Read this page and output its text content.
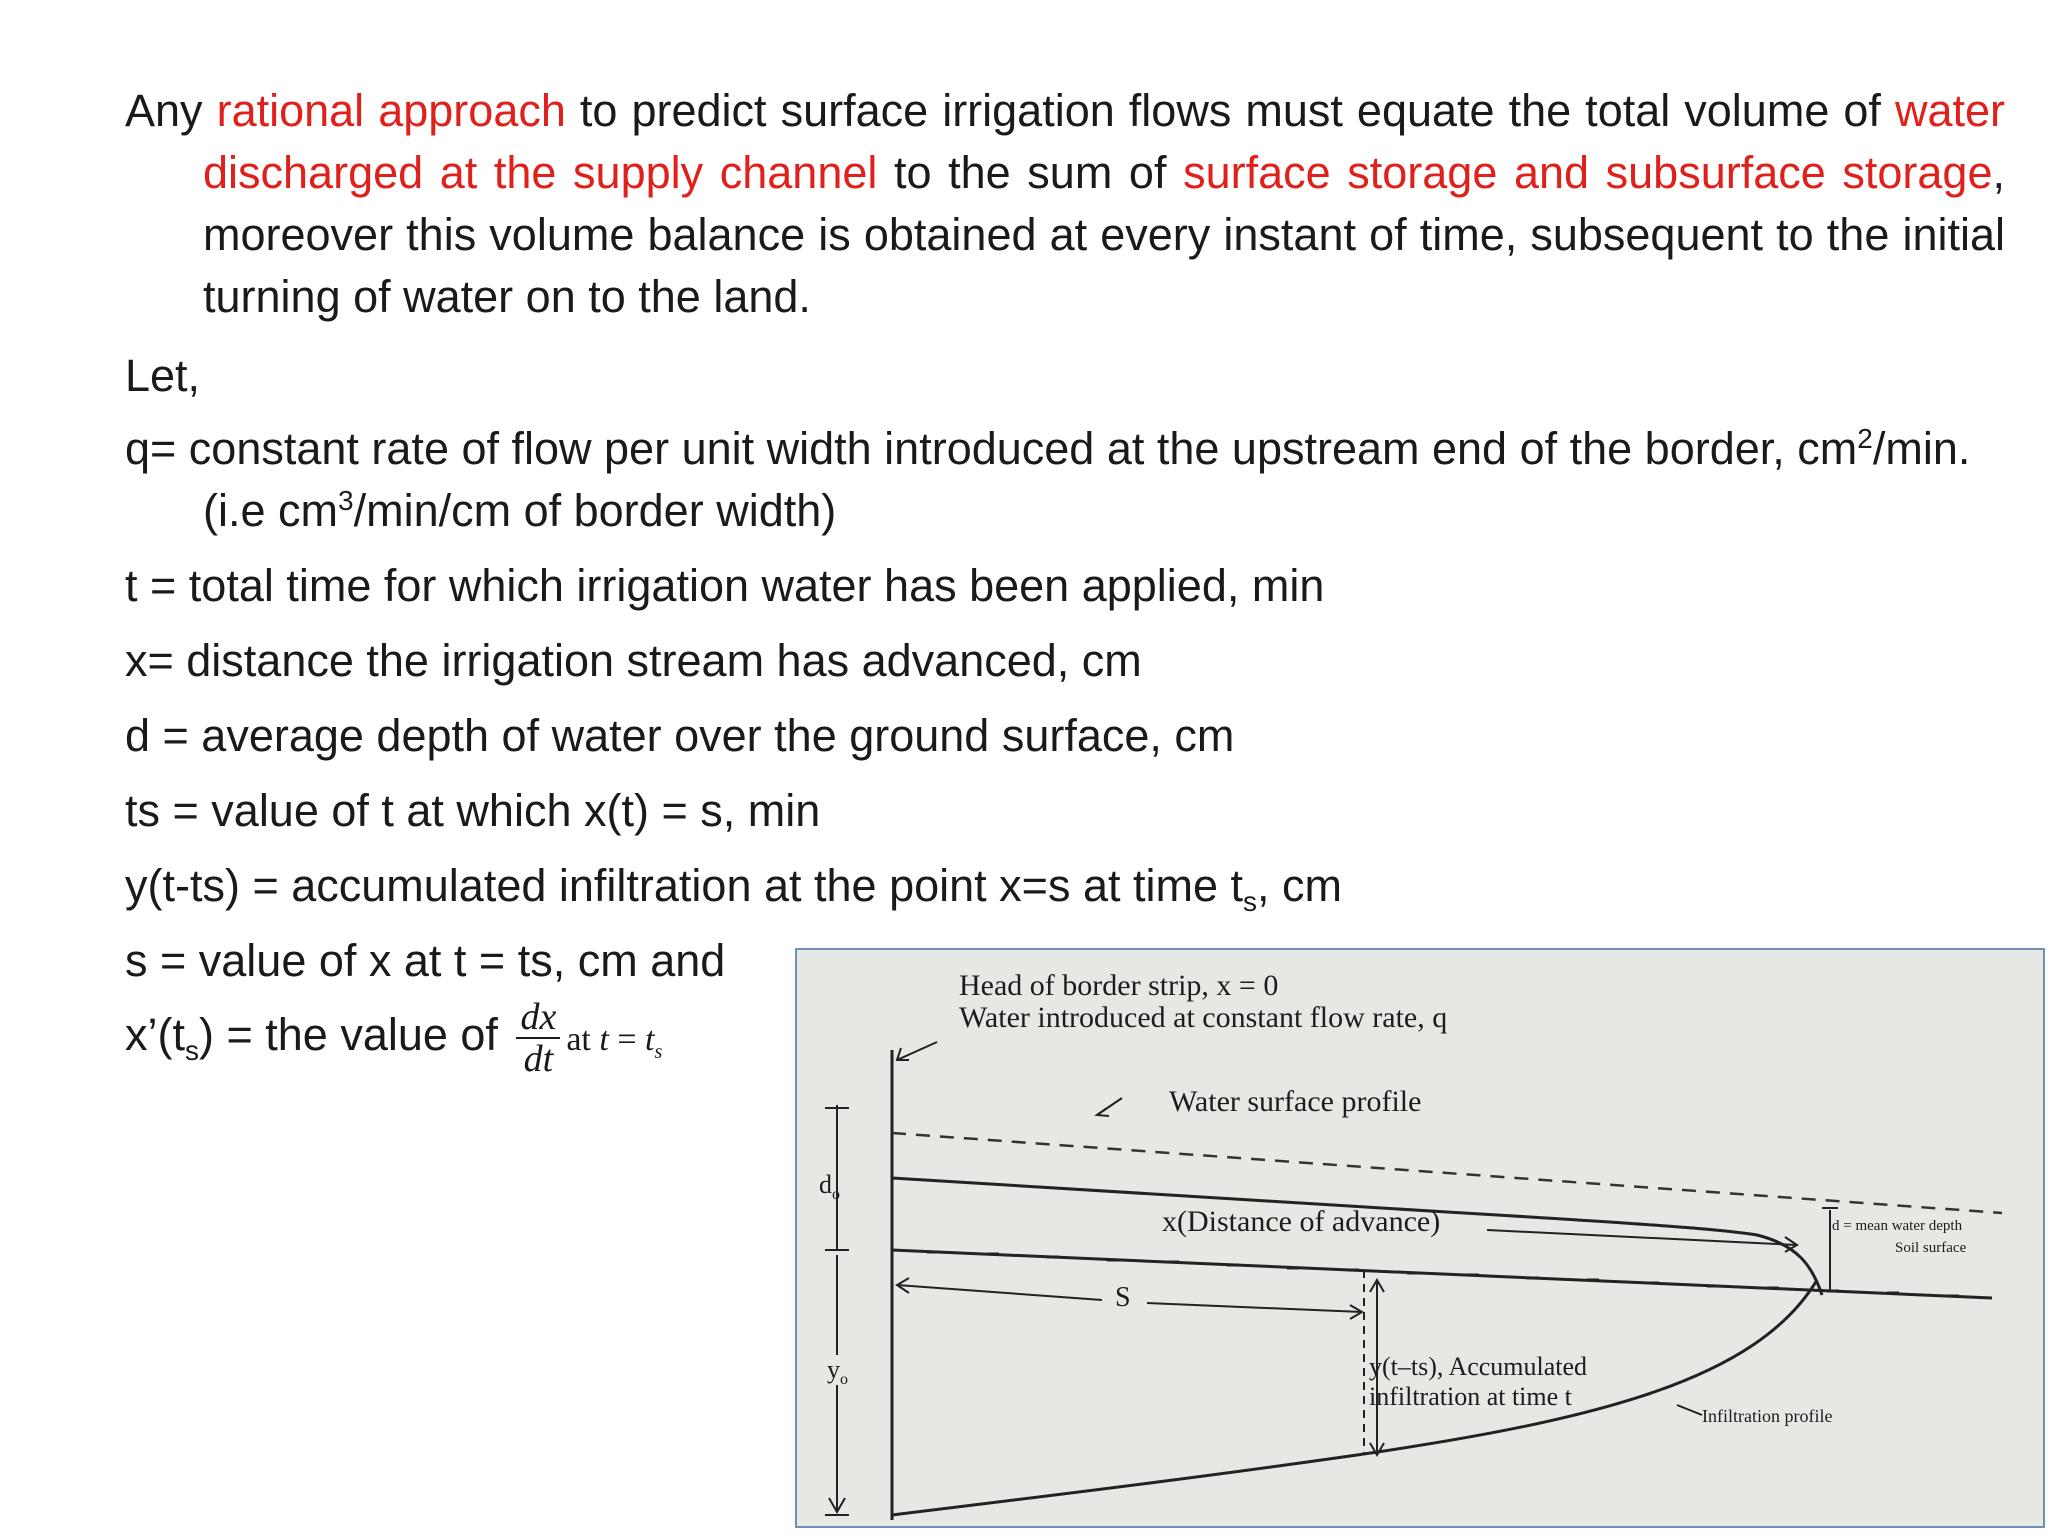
Any rational approach to predict surface irrigation flows must equate the total volume of water discharged at the supply channel to the sum of surface storage and subsurface storage, moreover this volume balance is obtained at every instant of time, subsequent to the initial turning of water on to the land.
Let,
q= constant rate of flow per unit width introduced at the upstream end of the border, $cm^2/\min$. (i.e $cm^3/\min/cm$ of border width)
t = total time for which irrigation water has been applied, min
x= distance the irrigation stream has advanced, cm
d = average depth of water over the ground surface, cm
ts = value of t at which x(t) = s, min
y(t-ts) = accumulated infiltration at the point x=s at time $t_s$, cm
s = value of x at t = ts, cm and
$x’(t_s)$ = the value of $\frac{dx}{dt}$ at $t = t_s$
Head of border strip, x = 0
Water introduced at constant flow rate, q
Water surface profile
x(Distance of advance)
$d_o$
S
$y_o$	y(t–ts), Accumulated
infiltration at time t
d = mean water depth
Soil surface
Infiltration profile
